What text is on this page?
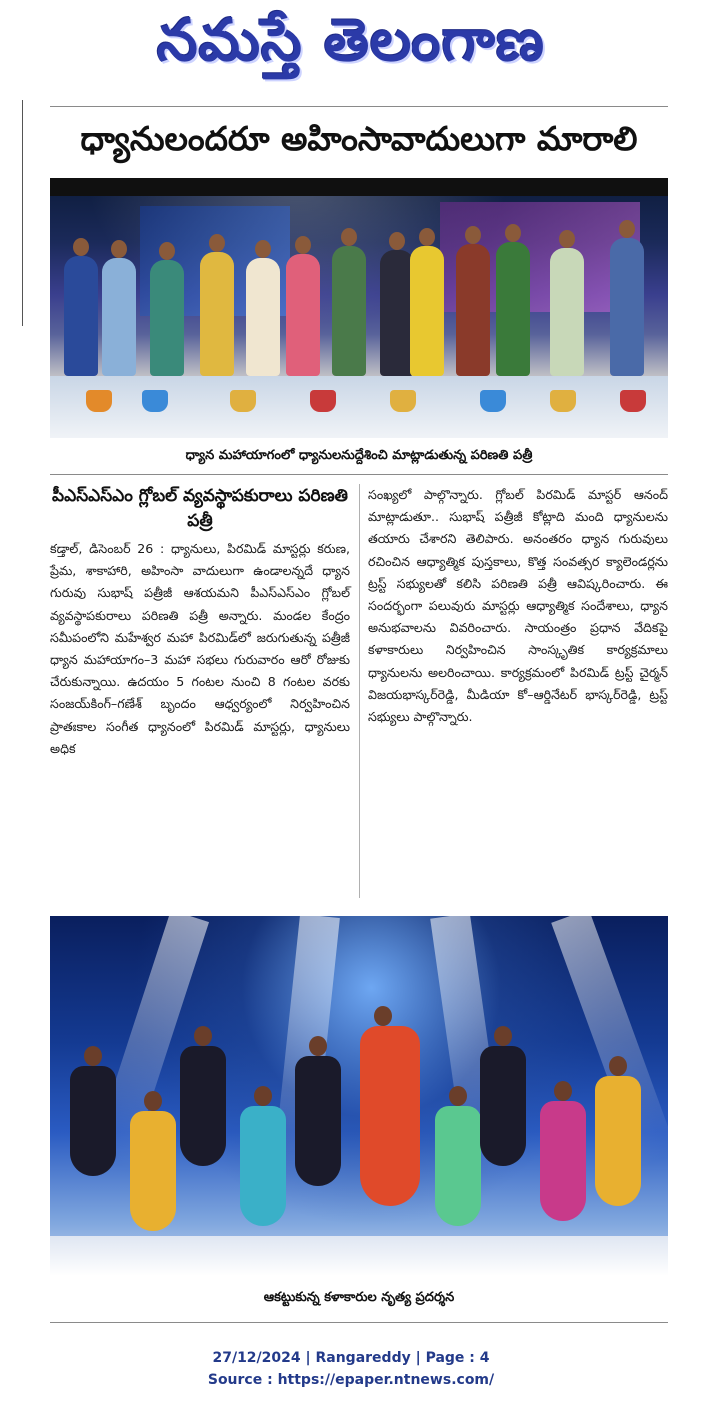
నమస్తే తెలంగాణ
ధ్యానులందరూ అహింసావాదులుగా మారాలి
ధ్యాన మహాయాగంలో ధ్యానులనుద్దేశించి మాట్లాడుతున్న పరిణతి పత్రీ
పీఎస్ఎస్ఎం గ్లోబల్ వ్యవస్థాపకురాలు పరిణతి పత్రీ

కడ్తాల్, డిసెంబర్ 26 : ధ్యానులు, పిరమిడ్ మాస్టర్లు కరుణ, ప్రేమ, శాకాహారి, అహింసా వాదులుగా ఉండాలన్నదే ధ్యాన గురువు సుభాష్ పత్రీజీ ఆశయమని పీఎస్ఎస్ఎం గ్లోబల్ వ్యవస్థాపకురాలు పరిణతి పత్రీ అన్నారు. మండల కేంద్రం సమీపంలోని మహేశ్వర మహా పిరమిడ్‌లో జరుగుతున్న పత్రీజీ ధ్యాన మహాయాగం–3 మహా సభలు గురువారం ఆరో రోజుకు చేరుకున్నాయి. ఉదయం 5 గంటల నుంచి 8 గంటల వరకు సంజయ్‌కింగ్‌–గణేశ్ బృందం ఆధ్వర్యంలో నిర్వహించిన ప్రాతఃకాల సంగీత ధ్యానంలో పిరమిడ్ మాస్టర్లు, ధ్యానులు అధిక

సంఖ్యలో పాల్గొన్నారు. గ్లోబల్ పిరమిడ్ మాస్టర్ ఆనంద్ మాట్లాడుతూ.. సుభాష్ పత్రీజీ కోట్లాది మంది ధ్యానులను తయారు చేశారని తెలిపారు. అనంతరం ధ్యాన గురువులు రచించిన ఆధ్యాత్మిక పుస్తకాలు, కొత్త సంవత్సర క్యాలెండర్లను ట్రస్ట్ సభ్యులతో కలిసి పరిణతి పత్రీ ఆవిష్కరించారు. ఈ సందర్భంగా పలువురు మాస్టర్లు ఆధ్యాత్మిక సందేశాలు, ధ్యాన అనుభవాలను వివరించారు. సాయంత్రం ప్రధాన వేదికపై కళాకారులు నిర్వహించిన సాంస్కృతిక కార్యక్రమాలు ధ్యానులను అలరించాయి. కార్యక్రమంలో పిరమిడ్ ట్రస్ట్ చైర్మన్ విజయభాస్కర్‌రెడ్డి, మీడియా కో–ఆర్డినేటర్ భాస్కర్‌రెడ్డి, ట్రస్ట్ సభ్యులు పాల్గొన్నారు.

ఆకట్టుకున్న కళాకారుల నృత్య ప్రదర్శన
27/12/2024 | Rangareddy | Page : 4
Source : https://epaper.ntnews.com/
